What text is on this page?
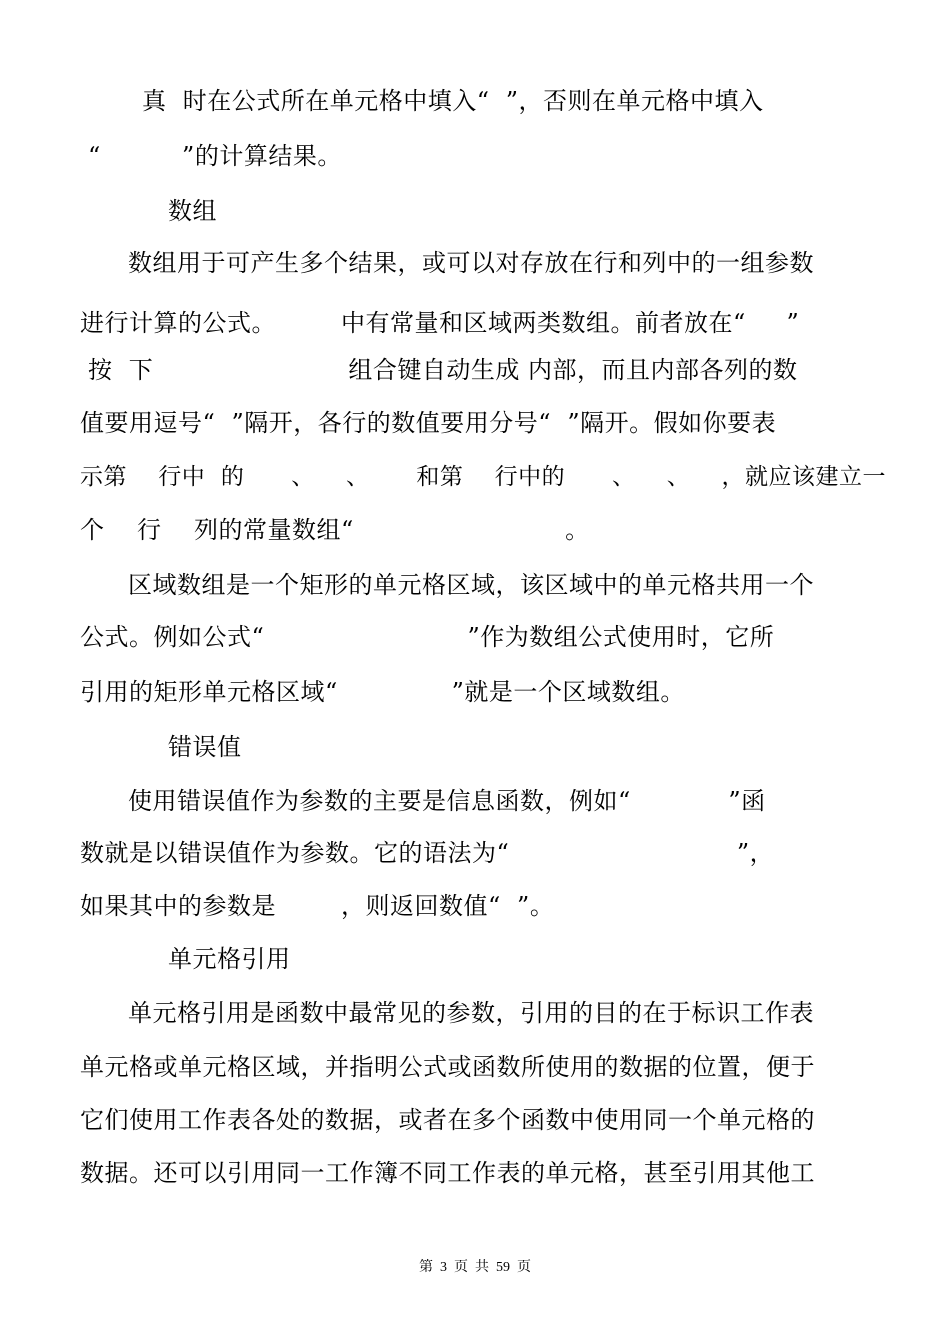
真  时在公式所在单元格中填入“  ”，否则在单元格中填入

“          ”的计算结果。

数组

数组用于可产生多个结果，或可以对存放在行和列中的一组参数

进行计算的公式。        中有常量和区域两类数组。前者放在“     ”

按  下                        组合键自动生成 内部，而且内部各列的数

值要用逗号“  ”隔开，各行的数值要用分号“  ”隔开。假如你要表

示第    行中  的      、    、      和第    行中的      、    、    ，就应该建立一

个    行    列的常量数组“                          。

区域数组是一个矩形的单元格区域，该区域中的单元格共用一个

公式。例如公式“                         ”作为数组公式使用时，它所

引用的矩形单元格区域“              ”就是一个区域数组。

错误值

使用错误值作为参数的主要是信息函数，例如“            ”函

数就是以错误值作为参数。它的语法为“                            ”，

如果其中的参数是        ，则返回数值“  ”。

单元格引用

单元格引用是函数中最常见的参数，引用的目的在于标识工作表

单元格或单元格区域，并指明公式或函数所使用的数据的位置，便于

它们使用工作表各处的数据，或者在多个函数中使用同一个单元格的

数据。还可以引用同一工作簿不同工作表的单元格，甚至引用其他工

第  3  页  共  59  页
